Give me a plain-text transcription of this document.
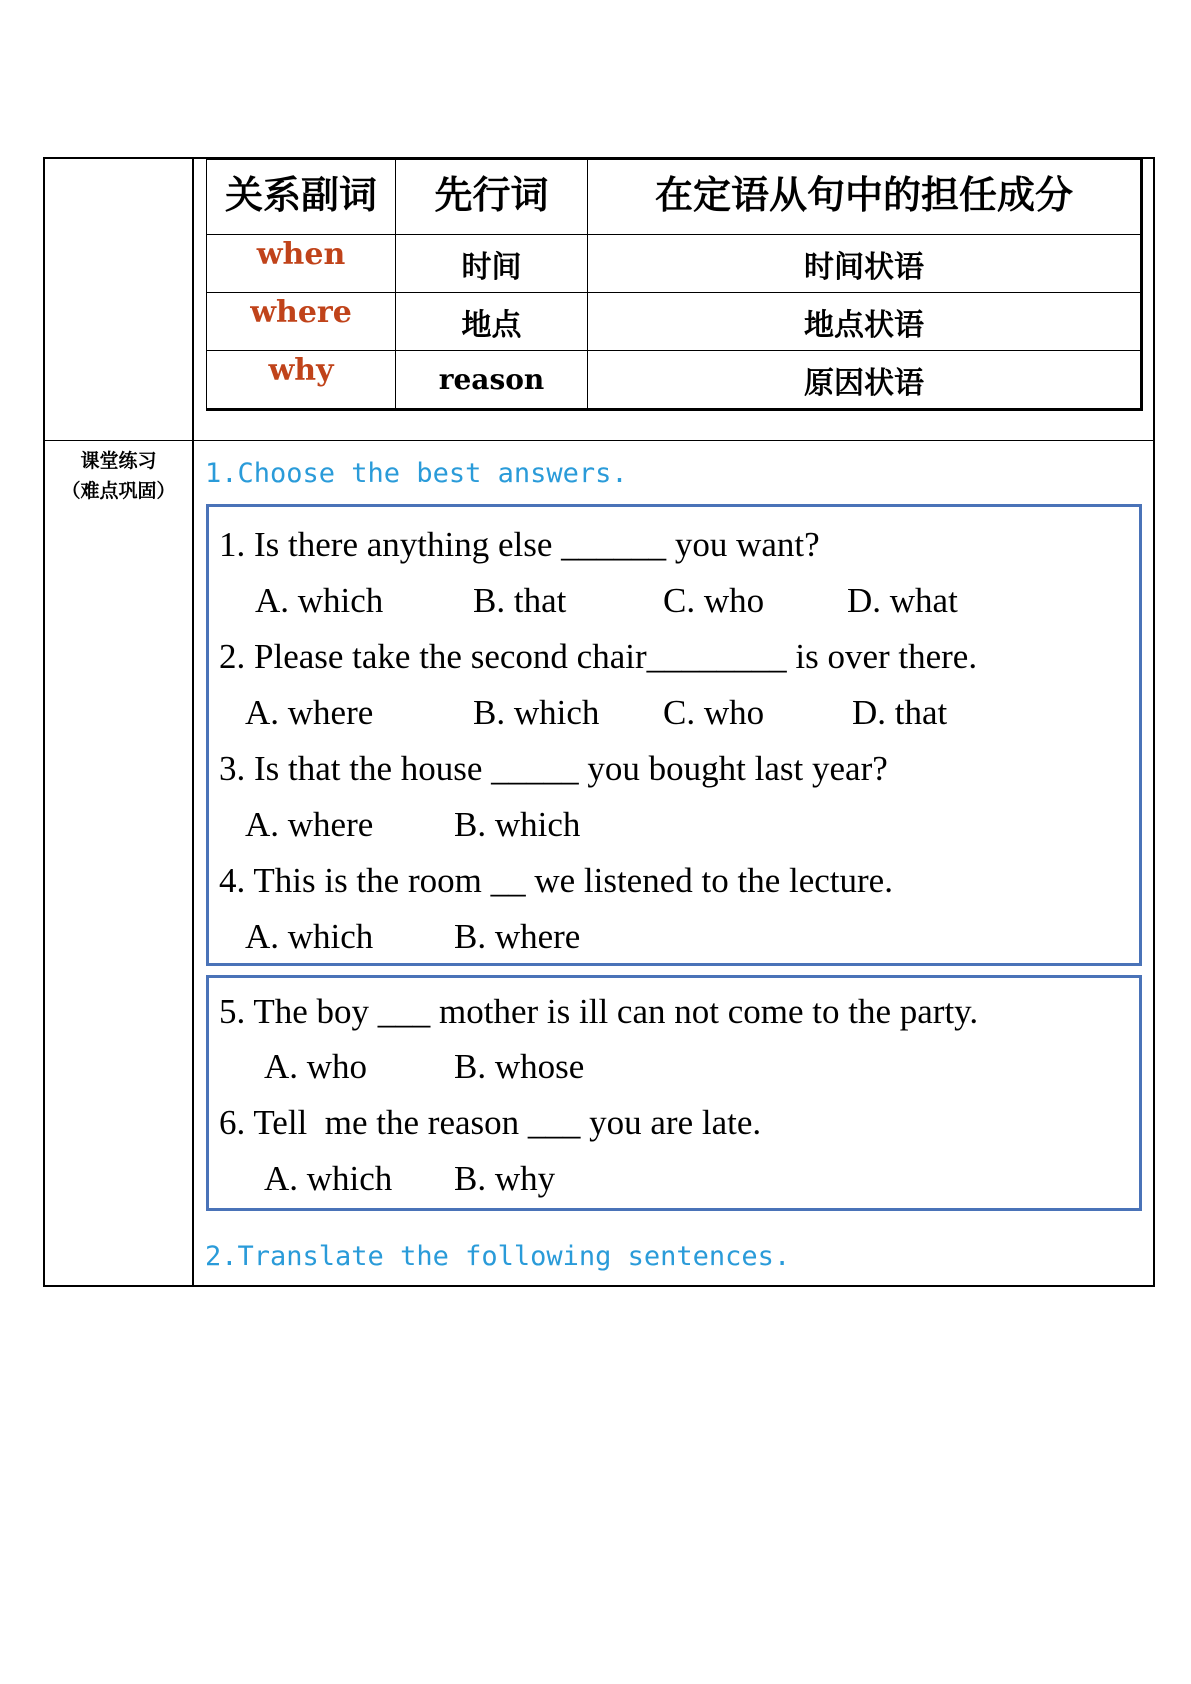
课堂练习
（难点巩固）
关系副词	先行词	在定语从句中的担任成分
when	时间	时间状语
where	地点	地点状语
why	reason	原因状语
1.Choose the best answers.
1. Is there anything else ______ you want?
A. which	B. that	C. who D. what
2. Please take the second chair________ is over there.
A. where	B. which C. who	D. that
3. Is that the house _____ you bought last year?
A. where B. which
4. This is the room __ we listened to the lecture.
A. which B. where
5. The boy ___ mother is ill can not come to the party.
A. who B. whose
6. Tell  me the reason ___ you are late.
A. which B. why
2.Translate the following sentences.
